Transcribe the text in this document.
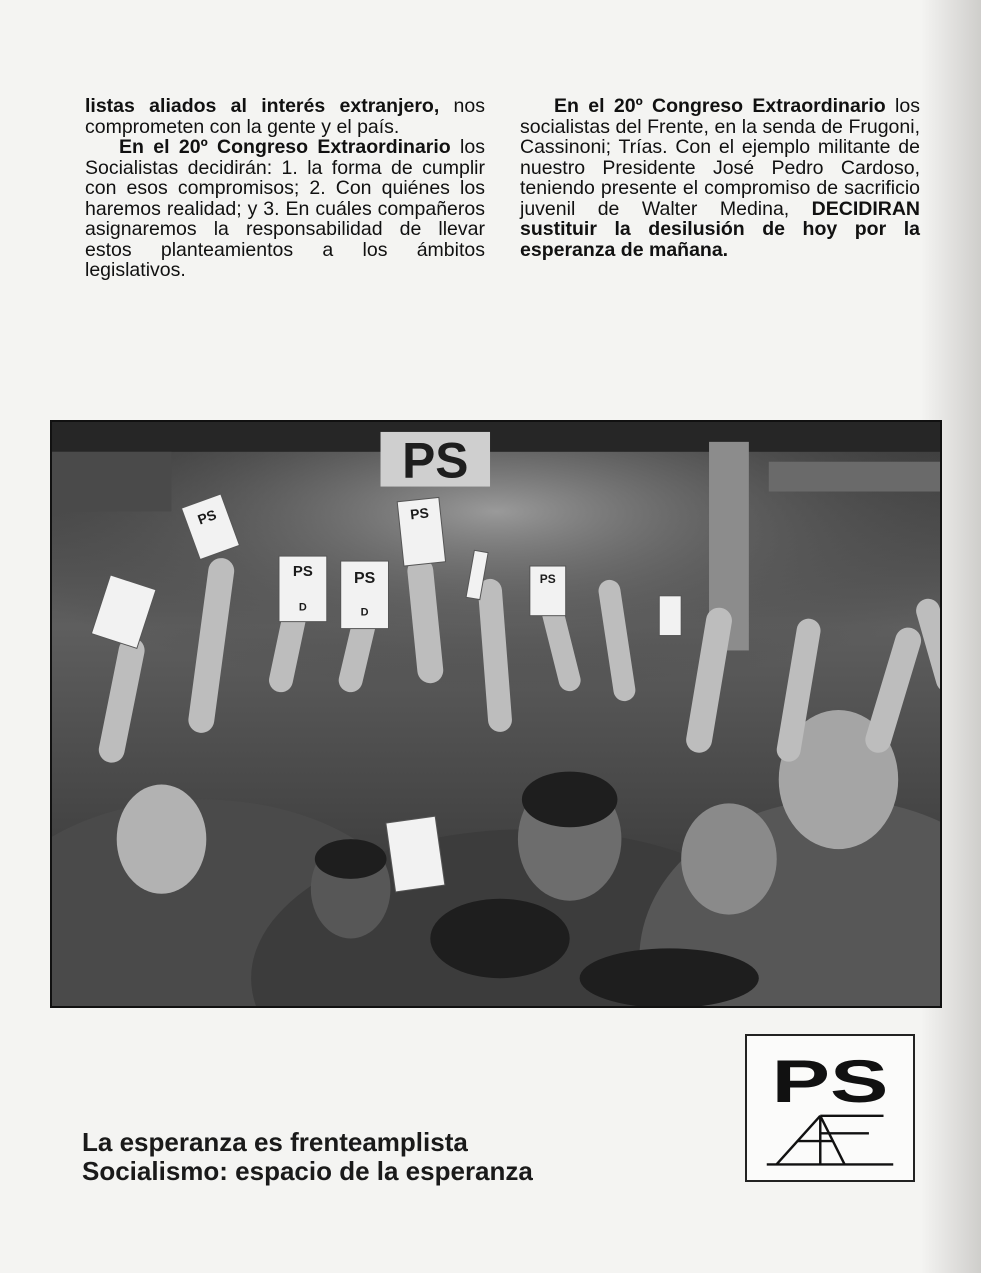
listas aliados al interés extranjero, nos comprometen con la gente y el país.

En el 20º Congreso Extraordinario los Socialistas decidirán: 1. la forma de cumplir con esos compromisos; 2. Con quiénes los haremos realidad; y 3. En cuáles compañeros asignaremos la responsabilidad de llevar estos planteamientos a los ámbitos legislativos.

En el 20º Congreso Extraordinario los socialistas del Frente, en la senda de Frugoni, Cassinoni; Trías. Con el ejemplo militante de nuestro Presidente José Pedro Cardoso, teniendo presente el compromiso de sacrificio juvenil de Walter Medina, DECIDIRAN sustituir la desilusión de hoy por la esperanza de mañana.

PS
PS
PS	PS
PS
PS
D	D
La esperanza es frenteamplista
Socialismo: espacio de la esperanza
PS
